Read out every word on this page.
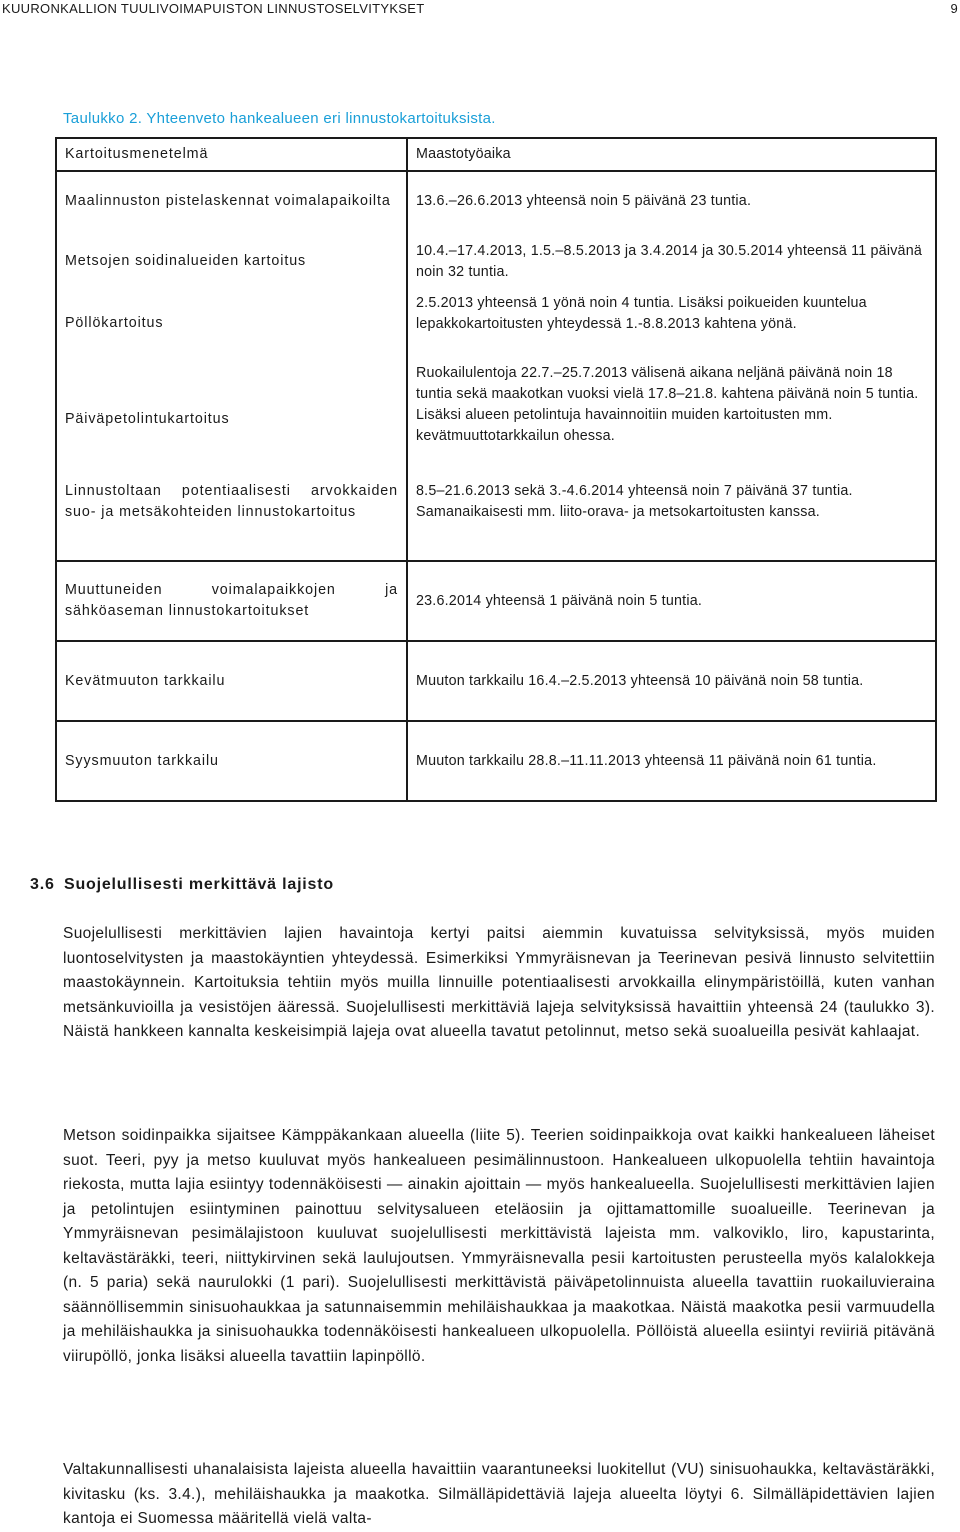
KUURONKALLION TUULIVOIMAPUISTON LINNUSTOSELVITYKSET	9
Taulukko 2. Yhteenveto hankealueen eri linnustokartoituksista.
Kartoitusmenetelmä	Maastotyöaika
Maalinnuston pistelaskennat voimalapaikoilta	13.6.–26.6.2013 yhteensä noin 5 päivänä 23 tuntia.
Metsojen soidinalueiden kartoitus	10.4.–17.4.2013, 1.5.–8.5.2013 ja 3.4.2014 ja 30.5.2014 yhteensä 11 päivänä noin 32 tuntia.
Pöllökartoitus	2.5.2013 yhteensä 1 yönä noin 4 tuntia. Lisäksi poikueiden kuuntelua lepakkokartoitusten yhteydessä 1.-8.8.2013 kahtena yönä.
Päiväpetolintukartoitus	Ruokailulentoja 22.7.–25.7.2013 välisenä aikana neljänä päivänä noin 18 tuntia sekä maakotkan vuoksi vielä 17.8–21.8. kahtena päivänä noin 5 tuntia. Lisäksi alueen petolintuja havainnoitiin muiden kartoitusten mm. kevätmuuttotarkkailun ohessa.
Linnustoltaan potentiaalisesti arvokkaiden suo- ja metsäkohteiden linnustokartoitus	8.5–21.6.2013 sekä 3.-4.6.2014 yhteensä noin 7 päivänä 37 tuntia. Samanaikaisesti mm. liito-orava- ja metsokartoitusten kanssa.
Muuttuneiden voimalapaikkojen ja sähköaseman linnustokartoitukset	23.6.2014 yhteensä 1 päivänä noin 5 tuntia.
Kevätmuuton tarkkailu	Muuton tarkkailu 16.4.–2.5.2013 yhteensä 10 päivänä noin 58 tuntia.
Syysmuuton tarkkailu	Muuton tarkkailu 28.8.–11.11.2013 yhteensä 11 päivänä noin 61 tuntia.
3.6 Suojelullisesti merkittävä lajisto
Suojelullisesti merkittävien lajien havaintoja kertyi paitsi aiemmin kuvatuissa selvityksissä, myös muiden luontoselvitysten ja maastokäyntien yhteydessä. Esimerkiksi Ymmyräisnevan ja Teerinevan pesivä linnusto selvitettiin maastokäynnein. Kartoituksia tehtiin myös muilla linnuille potentiaalisesti arvokkailla elinympäristöillä, kuten vanhan metsänkuvioilla ja vesistöjen ääressä. Suojelullisesti merkittäviä lajeja selvityksissä havaittiin yhteensä 24 (taulukko 3). Näistä hankkeen kannalta keskeisimpiä lajeja ovat alueella tavatut petolinnut, metso sekä suoalueilla pesivät kahlaajat.
Metson soidinpaikka sijaitsee Kämppäkankaan alueella (liite 5). Teerien soidinpaikkoja ovat kaikki hankealueen läheiset suot. Teeri, pyy ja metso kuuluvat myös hankealueen pesimälinnustoon. Hankealueen ulkopuolella tehtiin havaintoja riekosta, mutta lajia esiintyy todennäköisesti — ainakin ajoittain — myös hankealueella. Suojelullisesti merkittävien lajien ja petolintujen esiintyminen painottuu selvitysalueen eteläosiin ja ojittamattomille suoalueille. Teerinevan ja Ymmyräisnevan pesimälajistoon kuuluvat suojelullisesti merkittävistä lajeista mm. valkoviklo, liro, kapustarinta, keltavästäräkki, teeri, niittykirvinen sekä laulujoutsen. Ymmyräisnevalla pesii kartoitusten perusteella myös kalalokkeja (n. 5 paria) sekä naurulokki (1 pari). Suojelullisesti merkittävistä päiväpetolinnuista alueella tavattiin ruokailuvieraina säännöllisemmin sinisuohaukkaa ja satunnaisemmin mehiläishaukkaa ja maakotkaa. Näistä maakotka pesii varmuudella ja mehiläishaukka ja sinisuohaukka todennäköisesti hankealueen ulkopuolella. Pöllöistä alueella esiintyi reviiriä pitävänä viirupöllö, jonka lisäksi alueella tavattiin lapinpöllö.
Valtakunnallisesti uhanalaisista lajeista alueella havaittiin vaarantuneeksi luokitellut (VU) sinisuohaukka, keltavästäräkki, kivitasku (ks. 3.4.), mehiläishaukka ja maakotka. Silmälläpidettäviä lajeja alueelta löytyi 6. Silmälläpidettävien lajien kantoja ei Suomessa määritellä vielä valta-
